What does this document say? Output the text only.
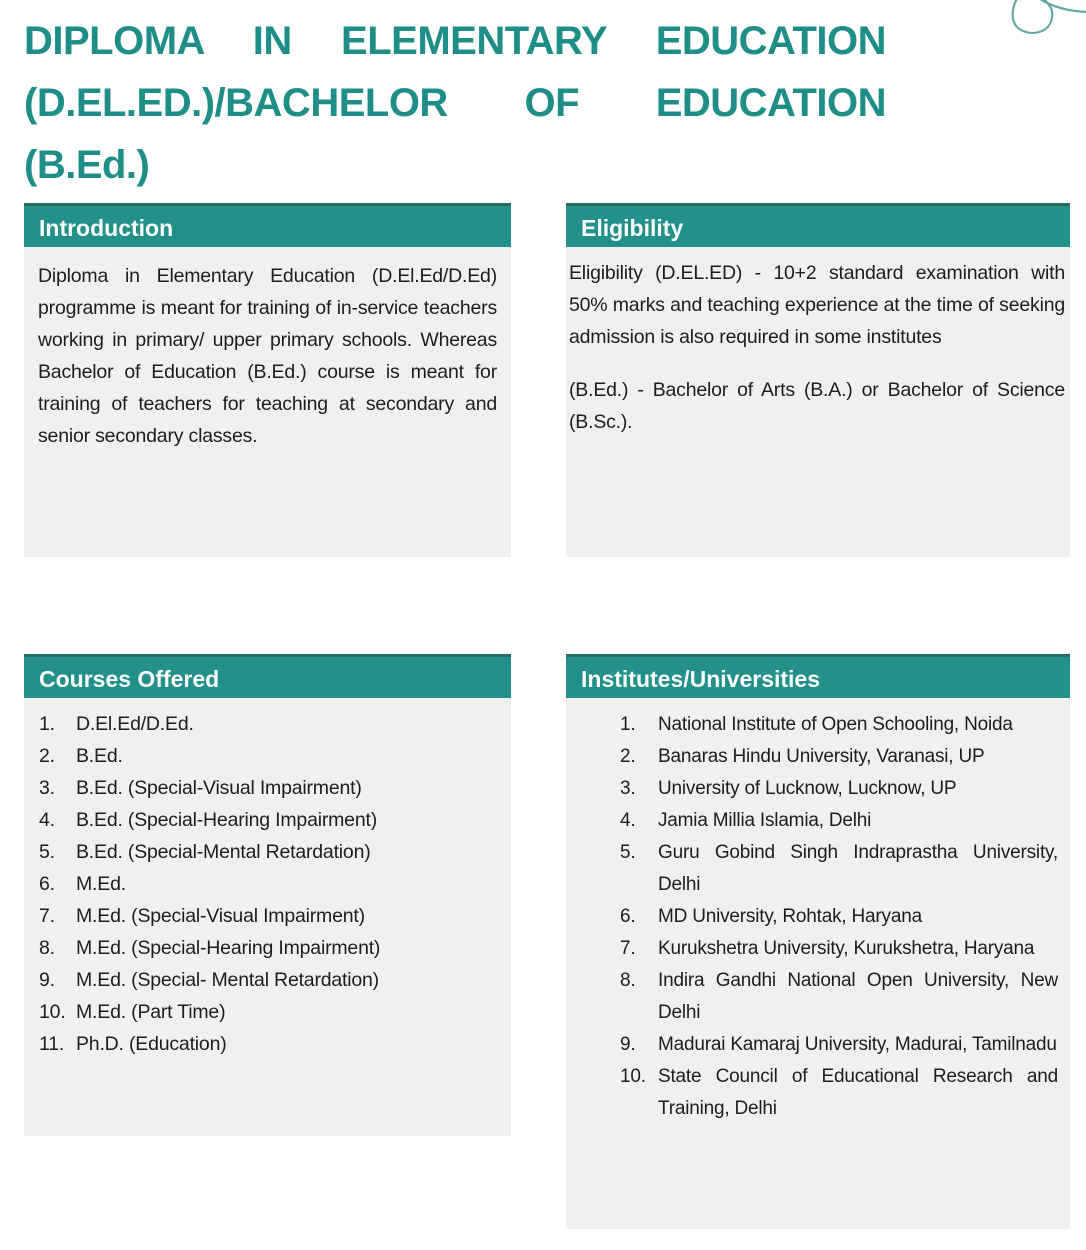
DIPLOMA IN ELEMENTARY EDUCATION
(D.EL.ED.)/BACHELOR OF EDUCATION
(B.Ed.)
Introduction

Diploma in Elementary Education (D.El.Ed/D.Ed) programme is meant for training of in-service teachers working in primary/ upper primary schools. Whereas Bachelor of Education (B.Ed.) course is meant for training of teachers for teaching at secondary and senior secondary classes.

Eligibility

Eligibility (D.EL.ED) - 10+2 standard examination with 50% marks and teaching experience at the time of seeking admission is also required in some institutes

(B.Ed.) - Bachelor of Arts (B.A.) or Bachelor of Science (B.Sc.).

Courses Offered
1.	D.El.Ed/D.Ed.
2.	B.Ed.
3.	B.Ed. (Special-Visual Impairment)
4.	B.Ed. (Special-Hearing Impairment)
5.	B.Ed. (Special-Mental Retardation)
6.	M.Ed.
7.	M.Ed. (Special-Visual Impairment)
8.	M.Ed. (Special-Hearing Impairment)
9.	M.Ed. (Special- Mental Retardation)
10. M.Ed. (Part Time)
11. Ph.D. (Education)
Institutes/Universities
1.	National Institute of Open Schooling, Noida
2.	Banaras Hindu University, Varanasi, UP
3.	University of Lucknow, Lucknow, UP
4.	Jamia Millia Islamia, Delhi
5.	Guru Gobind Singh Indraprastha University, Delhi
6.	MD University, Rohtak, Haryana
7.	Kurukshetra University, Kurukshetra, Haryana
8.	Indira Gandhi National Open University, New Delhi
9.	Madurai Kamaraj University, Madurai, Tamilnadu
10. State Council of Educational Research and Training, Delhi
